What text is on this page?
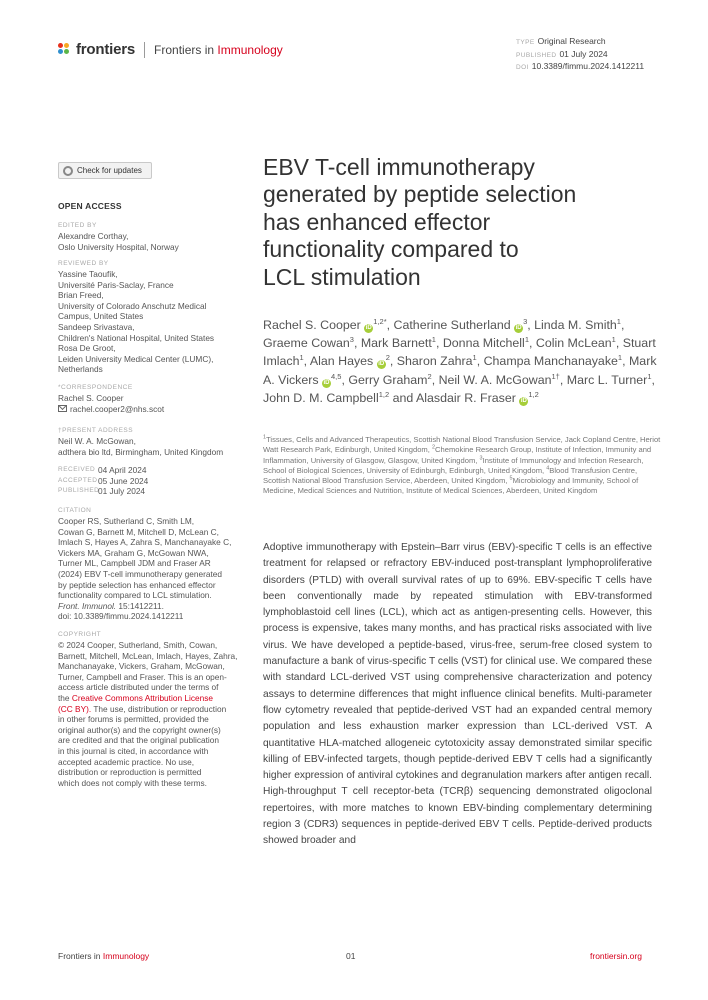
frontiers Frontiers in Immunology	TYPE Original Research
PUBLISHED 01 July 2024
DOI 10.3389/fimmu.2024.1412211
Check for updates
OPEN ACCESS
EDITED BY
Alexandre Corthay,
Oslo University Hospital, Norway
REVIEWED BY
Yassine Taoufik,
Université Paris-Saclay, France
Brian Freed,
University of Colorado Anschutz Medical
Campus, United States
Sandeep Srivastava,
Children's National Hospital, United States
Rosa De Groot,
Leiden University Medical Center (LUMC),
Netherlands
*CORRESPONDENCE
Rachel S. Cooper
rachel.cooper2@nhs.scot
†PRESENT ADDRESS
Neil W. A. McGowan,
adthera bio ltd, Birmingham, United Kingdom
RECEIVED 04 April 2024
ACCEPTED 05 June 2024
PUBLISHED
01 July 2024
CITATION
Cooper RS, Sutherland C, Smith LM,
Cowan G, Barnett M, Mitchell D, McLean C,
Imlach S, Hayes A, Zahra S, Manchanayake C,
Vickers MA, Graham G, McGowan NWA,
Turner ML, Campbell JDM and Fraser AR
(2024) EBV T-cell immunotherapy generated
by peptide selection has enhanced effector
functionality compared to LCL stimulation.
Front. Immunol. 15:1412211.
doi: 10.3389/fimmu.2024.1412211
COPYRIGHT
© 2024 Cooper, Sutherland, Smith, Cowan,
Barnett, Mitchell, McLean, Imlach, Hayes, Zahra,
Manchanayake, Vickers, Graham, McGowan,
Turner, Campbell and Fraser. This is an open-
access article distributed under the terms of
the Creative Commons Attribution License
(CC BY). The use, distribution or reproduction
in other forums is permitted, provided the
original author(s) and the copyright owner(s)
are credited and that the original publication
in this journal is cited, in accordance with
accepted academic practice. No use,
distribution or reproduction is permitted
which does not comply with these terms.
EBV T-cell immunotherapy
generated by peptide selection
has enhanced effector
functionality compared to
LCL stimulation
Rachel S. Cooper $iD^{1,2*}$, Catherine Sutherland $iD^3$, Linda M. Smith$^1$, Graeme Cowan$^3$, Mark Barnett$^1$, Donna Mitchell$^1$, Colin McLean$^1$, Stuart Imlach$^1$, Alan Hayes $iD^2$, Sharon Zahra$^1$, Champa Manchanayake$^1$, Mark A. Vickers iD$^{4,5}$, Gerry Graham$^2$, Neil W. A. McGowan$^{1\dagger}$, Marc L. Turner$^1$, John D. M. Campbell$^{1,2}$ and Alasdair R. Fraser iD$^{1,2}$
$^1$Tissues, Cells and Advanced Therapeutics, Scottish National Blood Transfusion Service, Jack Copland Centre, Heriot Watt Research Park, Edinburgh, United Kingdom, $^2$Chemokine Research Group, Institute of Infection, Immunity and Inflammation, University of Glasgow, Glasgow, United Kingdom, $^3$Institute of Immunology and Infection Research, School of Biological Sciences, University of Edinburgh, Edinburgh, United Kingdom, $^4$Blood Transfusion Centre, Scottish National Blood Transfusion Service, Aberdeen, United Kingdom, $^5$Microbiology and Immunity, School of Medicine, Medical Sciences and Nutrition, Institute of Medical Sciences, Aberdeen, United Kingdom
Adoptive immunotherapy with Epstein–Barr virus (EBV)-specific T cells is an effective treatment for relapsed or refractory EBV-induced post-transplant lymphoproliferative disorders (PTLD) with overall survival rates of up to 69%. EBV-specific T cells have been conventionally made by repeated stimulation with EBV-transformed lymphoblastoid cell lines (LCL), which act as antigen-presenting cells. However, this process is expensive, takes many months, and has practical risks associated with live virus. We have developed a peptide-based, virus-free, serum-free closed system to manufacture a bank of virus-specific T cells (VST) for clinical use. We compared these with standard LCL-derived VST using comprehensive characterization and potency assays to determine differences that might influence clinical benefits. Multi-parameter flow cytometry revealed that peptide-derived VST had an expanded central memory population and less exhaustion marker expression than LCL-derived VST. A quantitative HLA-matched allogeneic cytotoxicity assay demonstrated similar specific killing of EBV-infected targets, though peptide-derived EBV T cells had a significantly higher expression of antiviral cytokines and degranulation markers after antigen recall. High-throughput T cell receptor-beta (TCRβ) sequencing demonstrated oligoclonal repertoires, with more matches to known EBV-binding complementary determining region 3 (CDR3) sequences in peptide-derived EBV T cells. Peptide-derived products showed broader and
Frontiers in Immunology	01	frontiersin.org
